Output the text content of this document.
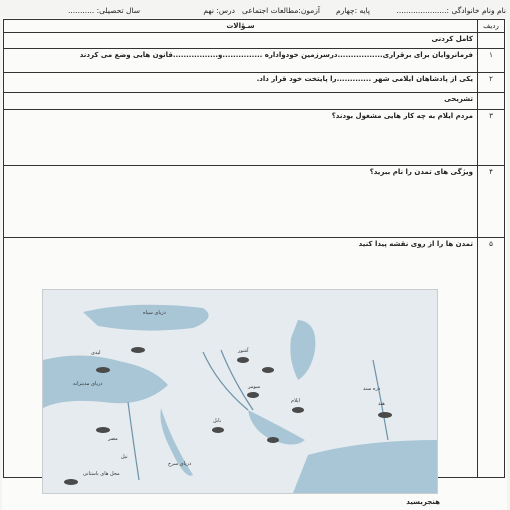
نام ونام خانوادگی :.....................
پایه :چهارم
آزمون:مطالعات اجتماعی
درس: نهم
سال تحصیلی: ...........
ردیف	سـؤالات
	کامل کردنی
۱	فرمانروایان برای برقراری.................درسرزمین خودواداره ...............و.................قانون هایی وضع می کردند
۲	یکی از پادشاهان ایلامی شهر .............را پایتخت خود قرار داد.
	تشریحی
۳	مردم ایلام به چه کار هایی مشغول بودند؟
۴	ویژگی های تمدن را نام ببرید؟
۵	تمدن ها را از روی نقشه پیدا کنید
دریای سیاه
لیدی
دریای مدیترانه
آشور
سومر
ایلام
مصر
بابل
هند
دره سند
نیل
دریای سرخ
محل های باستانی
هنجربسید
